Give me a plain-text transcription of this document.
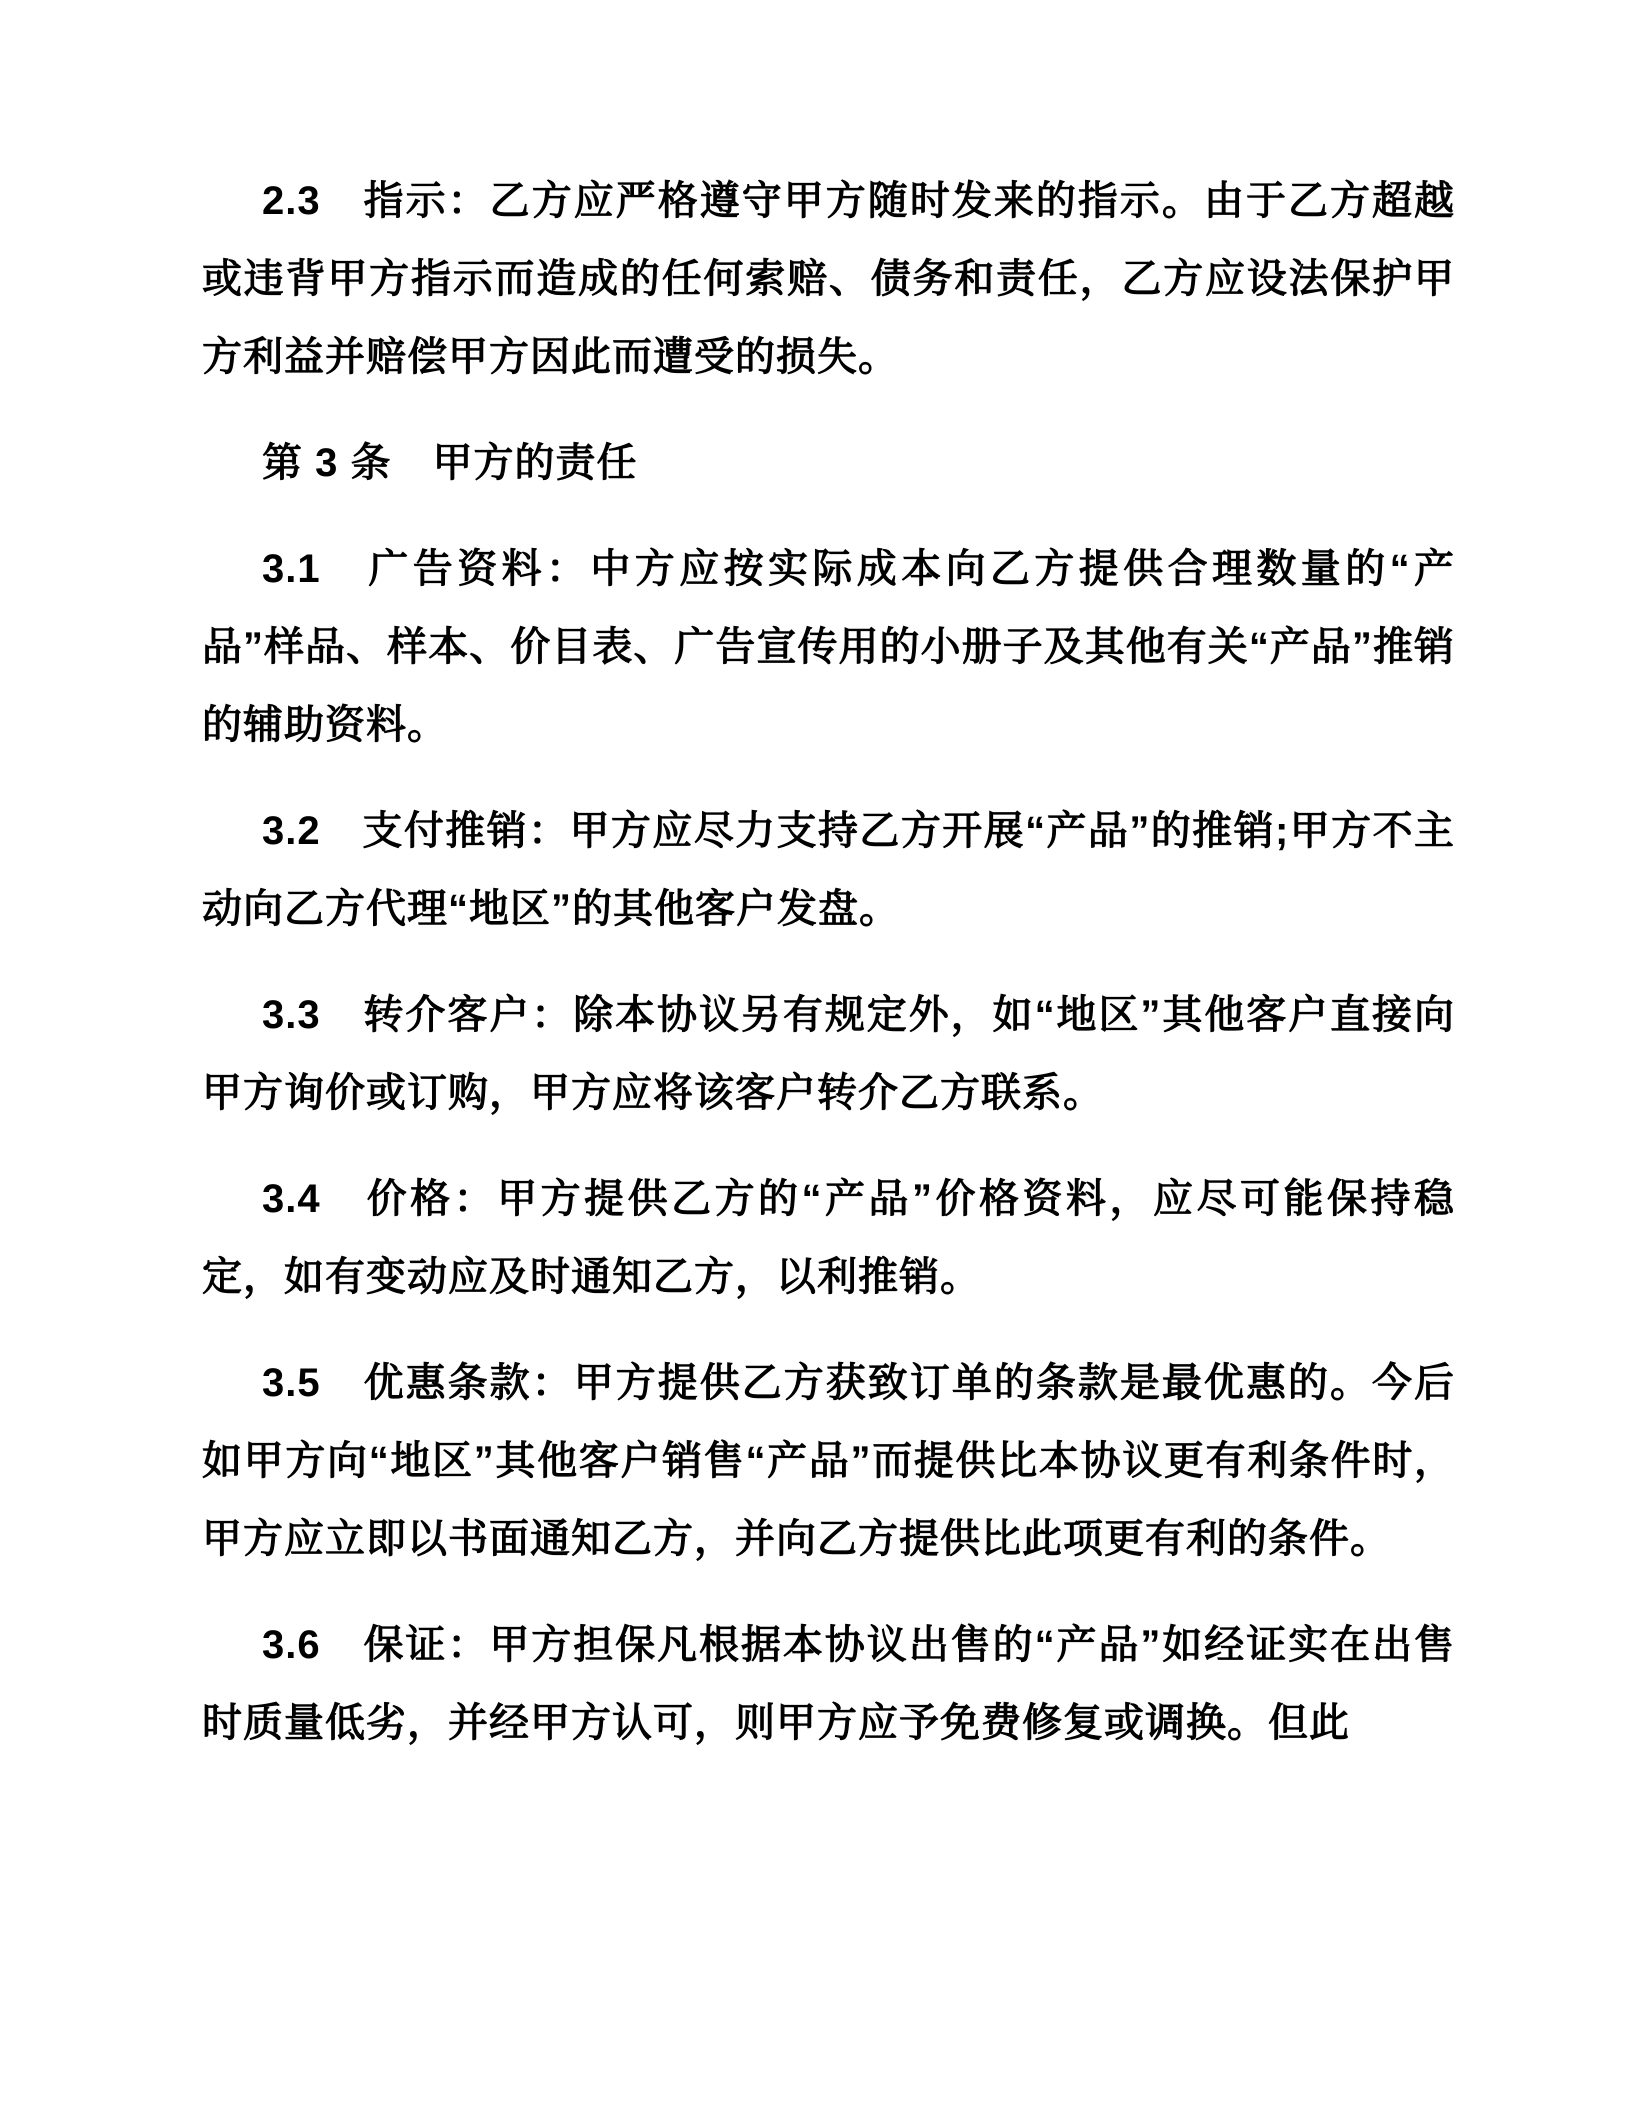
2.3　指示：乙方应严格遵守甲方随时发来的指示。由于乙方超越或违背甲方指示而造成的任何索赔、债务和责任，乙方应设法保护甲方利益并赔偿甲方因此而遭受的损失。

第 3 条　甲方的责任

3.1　广告资料：中方应按实际成本向乙方提供合理数量的“产品”样品、样本、价目表、广告宣传用的小册子及其他有关“产品”推销的辅助资料。

3.2　支付推销：甲方应尽力支持乙方开展“产品”的推销;甲方不主动向乙方代理“地区”的其他客户发盘。

3.3　转介客户：除本协议另有规定外，如“地区”其他客户直接向甲方询价或订购，甲方应将该客户转介乙方联系。

3.4　价格：甲方提供乙方的“产品”价格资料，应尽可能保持稳定，如有变动应及时通知乙方，以利推销。

3.5　优惠条款：甲方提供乙方获致订单的条款是最优惠的。今后如甲方向“地区”其他客户销售“产品”而提供比本协议更有利条件时，甲方应立即以书面通知乙方，并向乙方提供比此项更有利的条件。

3.6　保证：甲方担保凡根据本协议出售的“产品”如经证实在出售时质量低劣，并经甲方认可，则甲方应予免费修复或调换。但此
